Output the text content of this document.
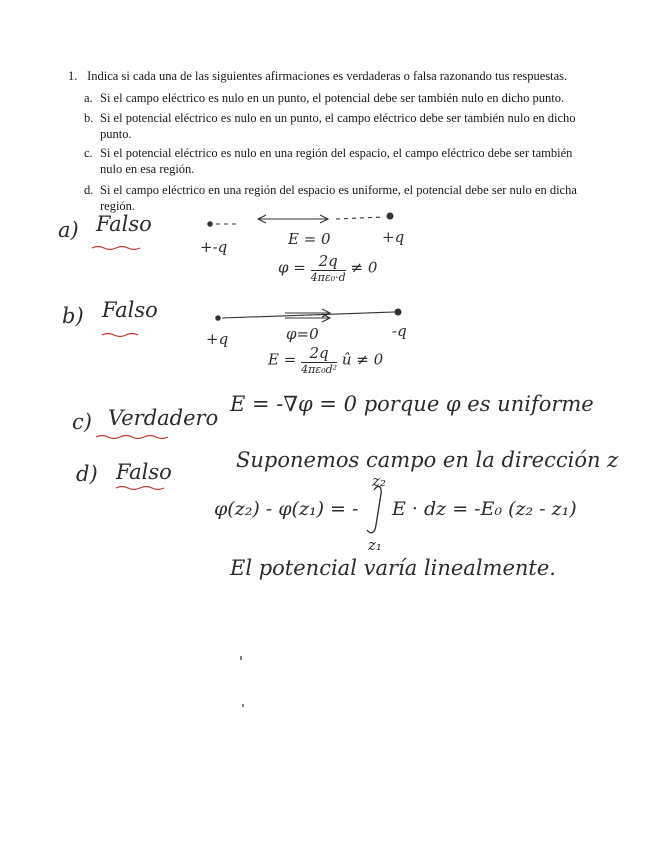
1. Indica si cada una de las siguientes afirmaciones es verdaderas o falsa razonando tus respuestas.
a. Si el campo eléctrico es nulo en un punto, el potencial debe ser también nulo en dicho punto.
b. Si el potencial eléctrico es nulo en un punto, el campo eléctrico debe ser también nulo en dicho punto.
c. Si el potencial eléctrico es nulo en una región del espacio, el campo eléctrico debe ser también nulo en esa región.
d. Si el campo eléctrico en una región del espacio es uniforme, el potencial debe ser nulo en dicha región.
a) Falso
+-q	E = 0	+q
$\varphi = \frac{2q}{\text{4πε₀·d}} \ne 0$
b) Falso
+q	φ=0	-q
$E = \frac{2q}{\text{4πε₀d²}}$ û ≠ 0
c) Verdadero
E = -∇φ = 0 porque φ es uniforme
d) Falso	Suponemos campo en la dirección z
z₂
φ(z₂) - φ(z₁) = - E · dz = -E₀ (z₂ - z₁)
z₁
El potencial varía linealmente.
